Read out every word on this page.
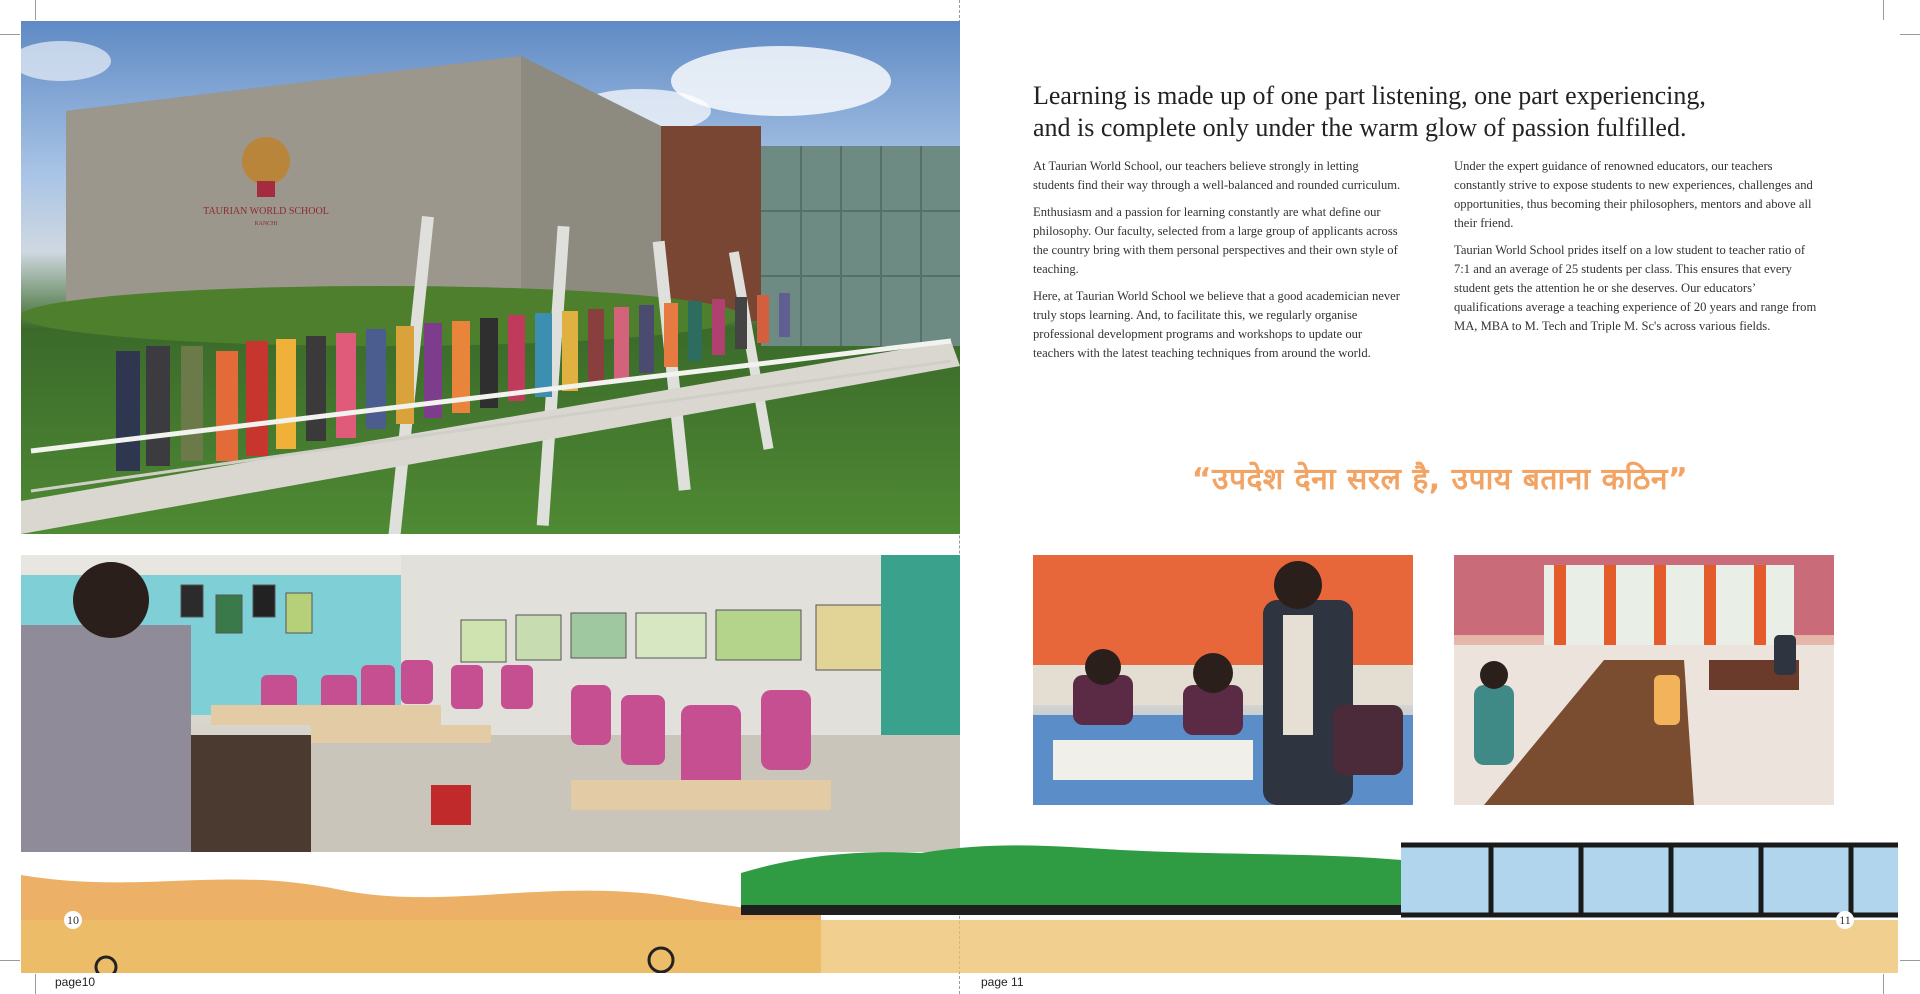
TAURIAN WORLD SCHOOL
RANCHI
Learning is made up of one part listening, one part experiencing,
and is complete only under the warm glow of passion fulfilled.

At Taurian World School, our teachers believe strongly in letting students find their way through a well-balanced and rounded curriculum.

Enthusiasm and a passion for learning constantly are what define our philosophy. Our faculty, selected from a large group of applicants across the country bring with them personal perspectives and their own style of teaching.

Here, at Taurian World School we believe that a good academician never truly stops learning. And, to facilitate this, we regularly organise professional development programs and workshops to update our teachers with the latest teaching techniques from around the world.

Under the expert guidance of renowned educators, our teachers constantly strive to expose students to new experiences, challenges and opportunities, thus becoming their philosophers, mentors and above all their friend.

Taurian World School prides itself on a low student to teacher ratio of 7:1 and an average of 25 students per class. This ensures that every student gets the attention he or she deserves. Our educators’ qualifications average a teaching experience of 20 years and range from MA, MBA to M. Tech and Triple M. Sc's across various fields.

“उपदेश देना सरल है, उपाय बताना कठिन”
10	11
page10	page 11
